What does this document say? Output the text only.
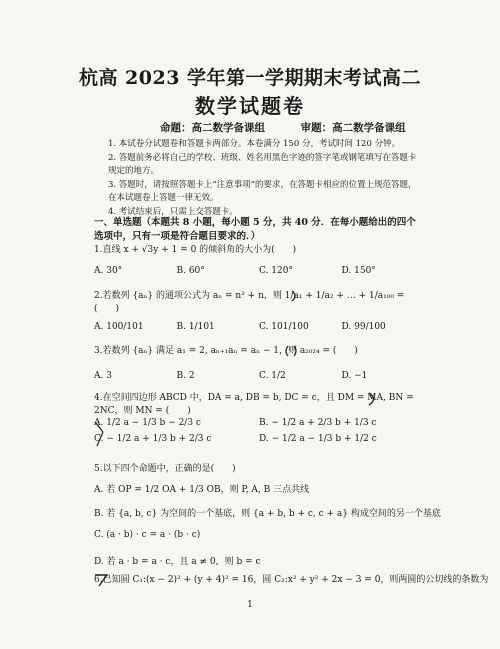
杭高 2023 学年第一学期期末考试高二
数学试题卷
命题：高二数学备课组	审题：高二数学备课组
1. 本试卷分试题卷和答题卡两部分。本卷满分 150 分，考试时间 120 分钟。
2. 答题前务必将自己的学校、班级、姓名用黑色字迹的签字笔或钢笔填写在答题卡规定的地方。
3. 答题时，请按照答题卡上“注意事项”的要求，在答题卡相应的位置上规范答题，在本试题卷上答题一律无效。
4. 考试结束后，只需上交答题卡。
一、单选题（本题共 8 小题，每小题 5 分，共 40 分．在每小题给出的四个选项中，只有一项是符合题目要求的．）
1.直线 x + √3y + 1 = 0 的倾斜角的大小为(　　)
A. 30°	B. 60°	C. 120°	D. 150°
2.若数列 {aₙ} 的通项公式为 aₙ = n² + n，则 1/a₁ + 1/a₂ + … + 1/a₁₀₀ = (　　)
A. 100/101	B. 1/101	C. 101/100	D. 99/100
3.若数列 {aₙ} 满足 a₁ = 2, aₙ₊₁aₙ = aₙ − 1，则 a₂₀₂₄ = (　　)
A. 3	B. 2	C. 1/2	D. −1
4.在空间四边形 ABCD 中，DA = a, DB = b, DC = c，且 DM = MA, BN = 2NC，则 MN = (　　)
A. 1/2 a − 1/3 b − 2/3 c	B. − 1/2 a + 2/3 b + 1/3 c
C. − 1/2 a + 1/3 b + 2/3 c	D. − 1/2 a − 1/3 b + 1/2 c
5.以下四个命题中，正确的是(　　)
A. 若 OP = 1/2 OA + 1/3 OB，则 P, A, B 三点共线
B. 若 {a, b, c} 为空间的一个基底，则 {a + b, b + c, c + a} 构成空间的另一个基底
C. (a · b) · c = a · (b · c)
D. 若 a · b = a · c，且 a ≠ 0，则 b = c
6.已知圆 C₁:(x − 2)² + (y + 4)² = 16，圆 C₂:x² + y² + 2x − 3 = 0，则两圆的公切线的条数为
1
